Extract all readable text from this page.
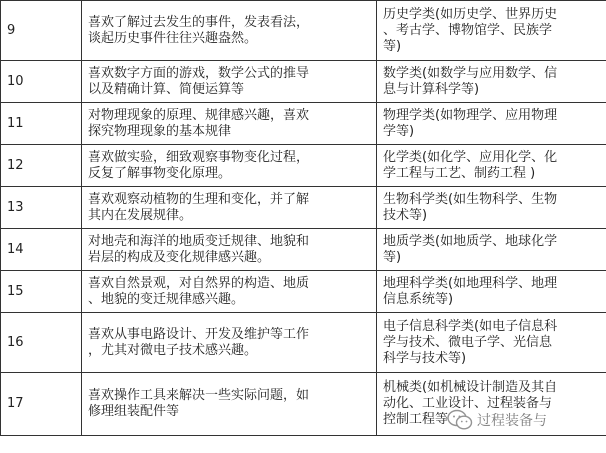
9	喜欢了解过去发生的事件，发表看法，
谈起历史事件往往兴趣盎然。	历史学类(如历史学、世界历史
、考古学、博物馆学、民族学
等)
10	喜欢数字方面的游戏，数学公式的推导
以及精确计算、简便运算等	数学类(如数学与应用数学、信
息与计算科学等)
11	对物理现象的原理、规律感兴趣，喜欢
探究物理现象的基本规律	物理学类(如物理学、应用物理
学等)
12	喜欢做实验，细致观察事物变化过程，
反复了解事物变化原理。	化学类(如化学、应用化学、化
学工程与工艺、制药工程 )
13	喜欢观察动植物的生理和变化，并了解
其内在发展规律。	生物科学类(如生物科学、生物
技术等)
14	对地壳和海洋的地质变迁规律、地貌和
岩层的构成及变化规律感兴趣。	地质学类(如地质学、地球化学
等)
15	喜欢自然景观，对自然界的构造、地质
、地貌的变迁规律感兴趣。	地理科学类(如地理科学、地理
信息系统等)
16	喜欢从事电路设计、开发及维护等工作
，尤其对微电子技术感兴趣。	电子信息科学类(如电子信息科
学与技术、微电子学、光信息
科学与技术等)
17	喜欢操作工具来解决一些实际问题，如
修理组装配件等	机械类(如机械设计制造及其自
动化、工业设计、过程装备与
控制工程等 过程装备与
